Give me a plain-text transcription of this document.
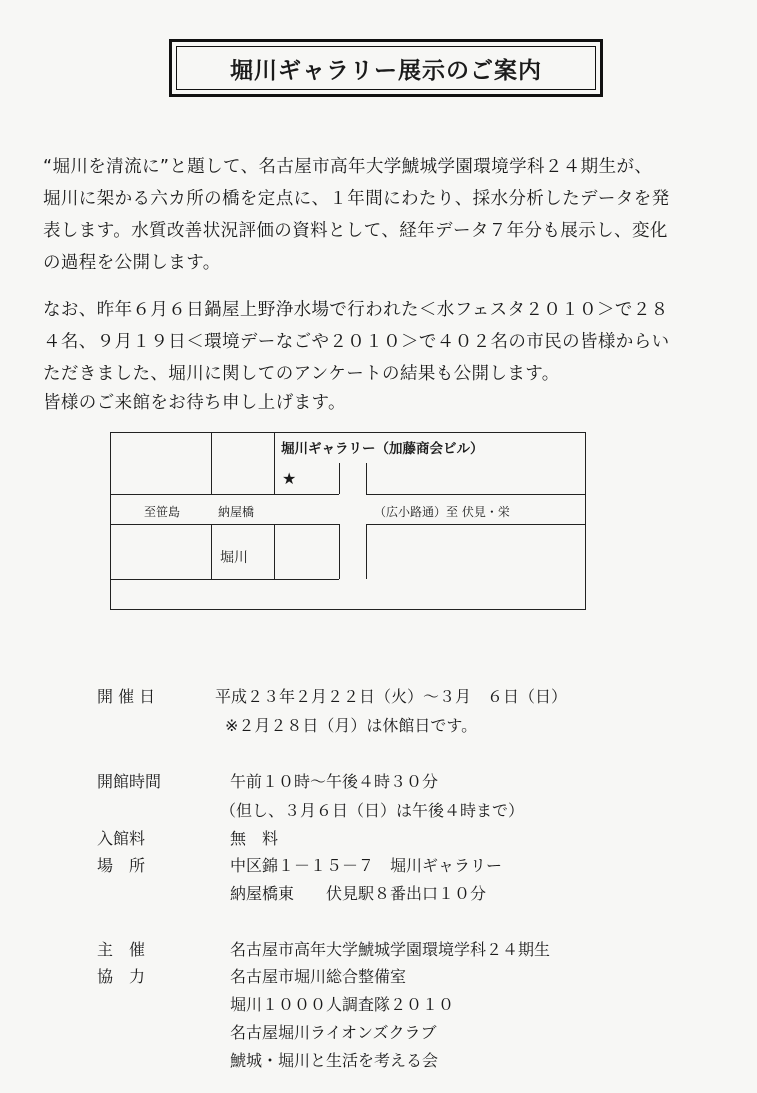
堀川ギャラリー展示のご案内
“堀川を清流に”と題して、名古屋市高年大学鯱城学園環境学科２４期生が、
堀川に架かる六カ所の橋を定点に、１年間にわたり、採水分析したデータを発
表します。水質改善状況評価の資料として、経年データ７年分も展示し、変化
の過程を公開します。
なお、昨年６月６日鍋屋上野浄水場で行われた＜水フェスタ２０１０＞で２８
４名、９月１９日＜環境デーなごや２０１０＞で４０２名の市民の皆様からい
ただきました、堀川に関してのアンケートの結果も公開します。
皆様のご来館をお待ち申し上げます。
堀川ギャラリー（加藤商会ビル）
★
至笹島	納屋橋	（広小路通）至 伏見・栄
堀川
開 催 日	平成２３年２月２２日（火）～３月　６日（日）
※２月２８日（月）は休館日です。
開館時間	午前１０時～午後４時３０分
（但し、３月６日（日）は午後４時まで）
入館料	無　料
場　所	中区錦１－１５－７　堀川ギャラリー
納屋橋東　　伏見駅８番出口１０分
主　催	名古屋市高年大学鯱城学園環境学科２４期生
協　力	名古屋市堀川総合整備室
堀川１０００人調査隊２０１０
名古屋堀川ライオンズクラブ
鯱城・堀川と生活を考える会
